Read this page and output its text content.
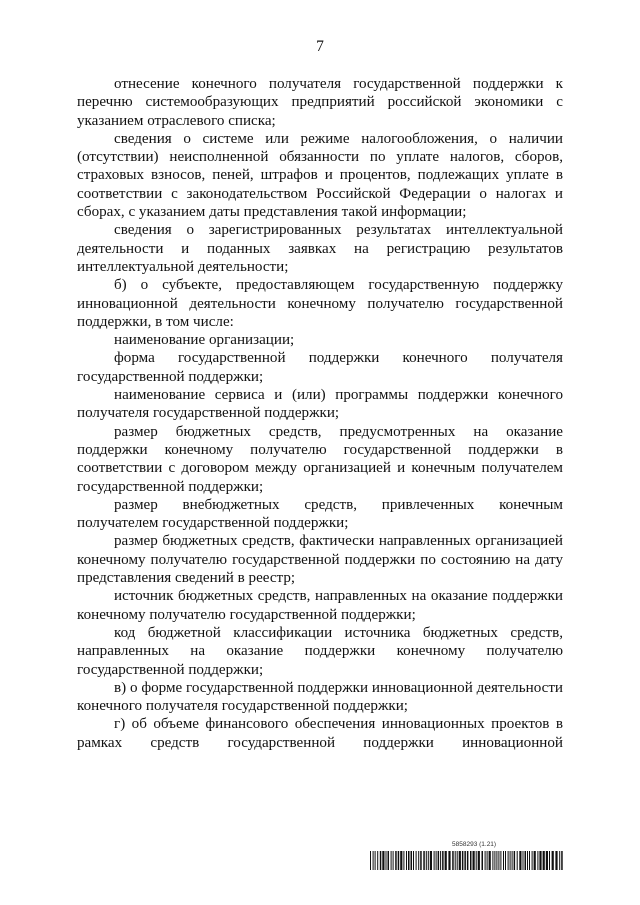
7

отнесение конечного получателя государственной поддержки к перечню системообразующих предприятий российской экономики с указанием отраслевого списка;

сведения о системе или режиме налогообложения, о наличии (отсутствии) неисполненной обязанности по уплате налогов, сборов, страховых взносов, пеней, штрафов и процентов, подлежащих уплате в соответствии с законодательством Российской Федерации о налогах и сборах, с указанием даты представления такой информации;

сведения о зарегистрированных результатах интеллектуальной деятельности и поданных заявках на регистрацию результатов интеллектуальной деятельности;

б) о субъекте, предоставляющем государственную поддержку инновационной деятельности конечному получателю государственной поддержки, в том числе:

наименование организации;

форма государственной поддержки конечного получателя государственной поддержки;

наименование сервиса и (или) программы поддержки конечного получателя государственной поддержки;

размер бюджетных средств, предусмотренных на оказание поддержки конечному получателю государственной поддержки в соответствии с договором между организацией и конечным получателем государственной поддержки;

размер внебюджетных средств, привлеченных конечным получателем государственной поддержки;

размер бюджетных средств, фактически направленных организацией конечному получателю государственной поддержки по состоянию на дату представления сведений в реестр;

источник бюджетных средств, направленных на оказание поддержки конечному получателю государственной поддержки;

код бюджетной классификации источника бюджетных средств, направленных на оказание поддержки конечному получателю государственной поддержки;

в) о форме государственной поддержки инновационной деятельности конечного получателя государственной поддержки;

г) об объеме финансового обеспечения инновационных проектов в рамках средств государственной поддержки инновационной

5858293 (1.21)
